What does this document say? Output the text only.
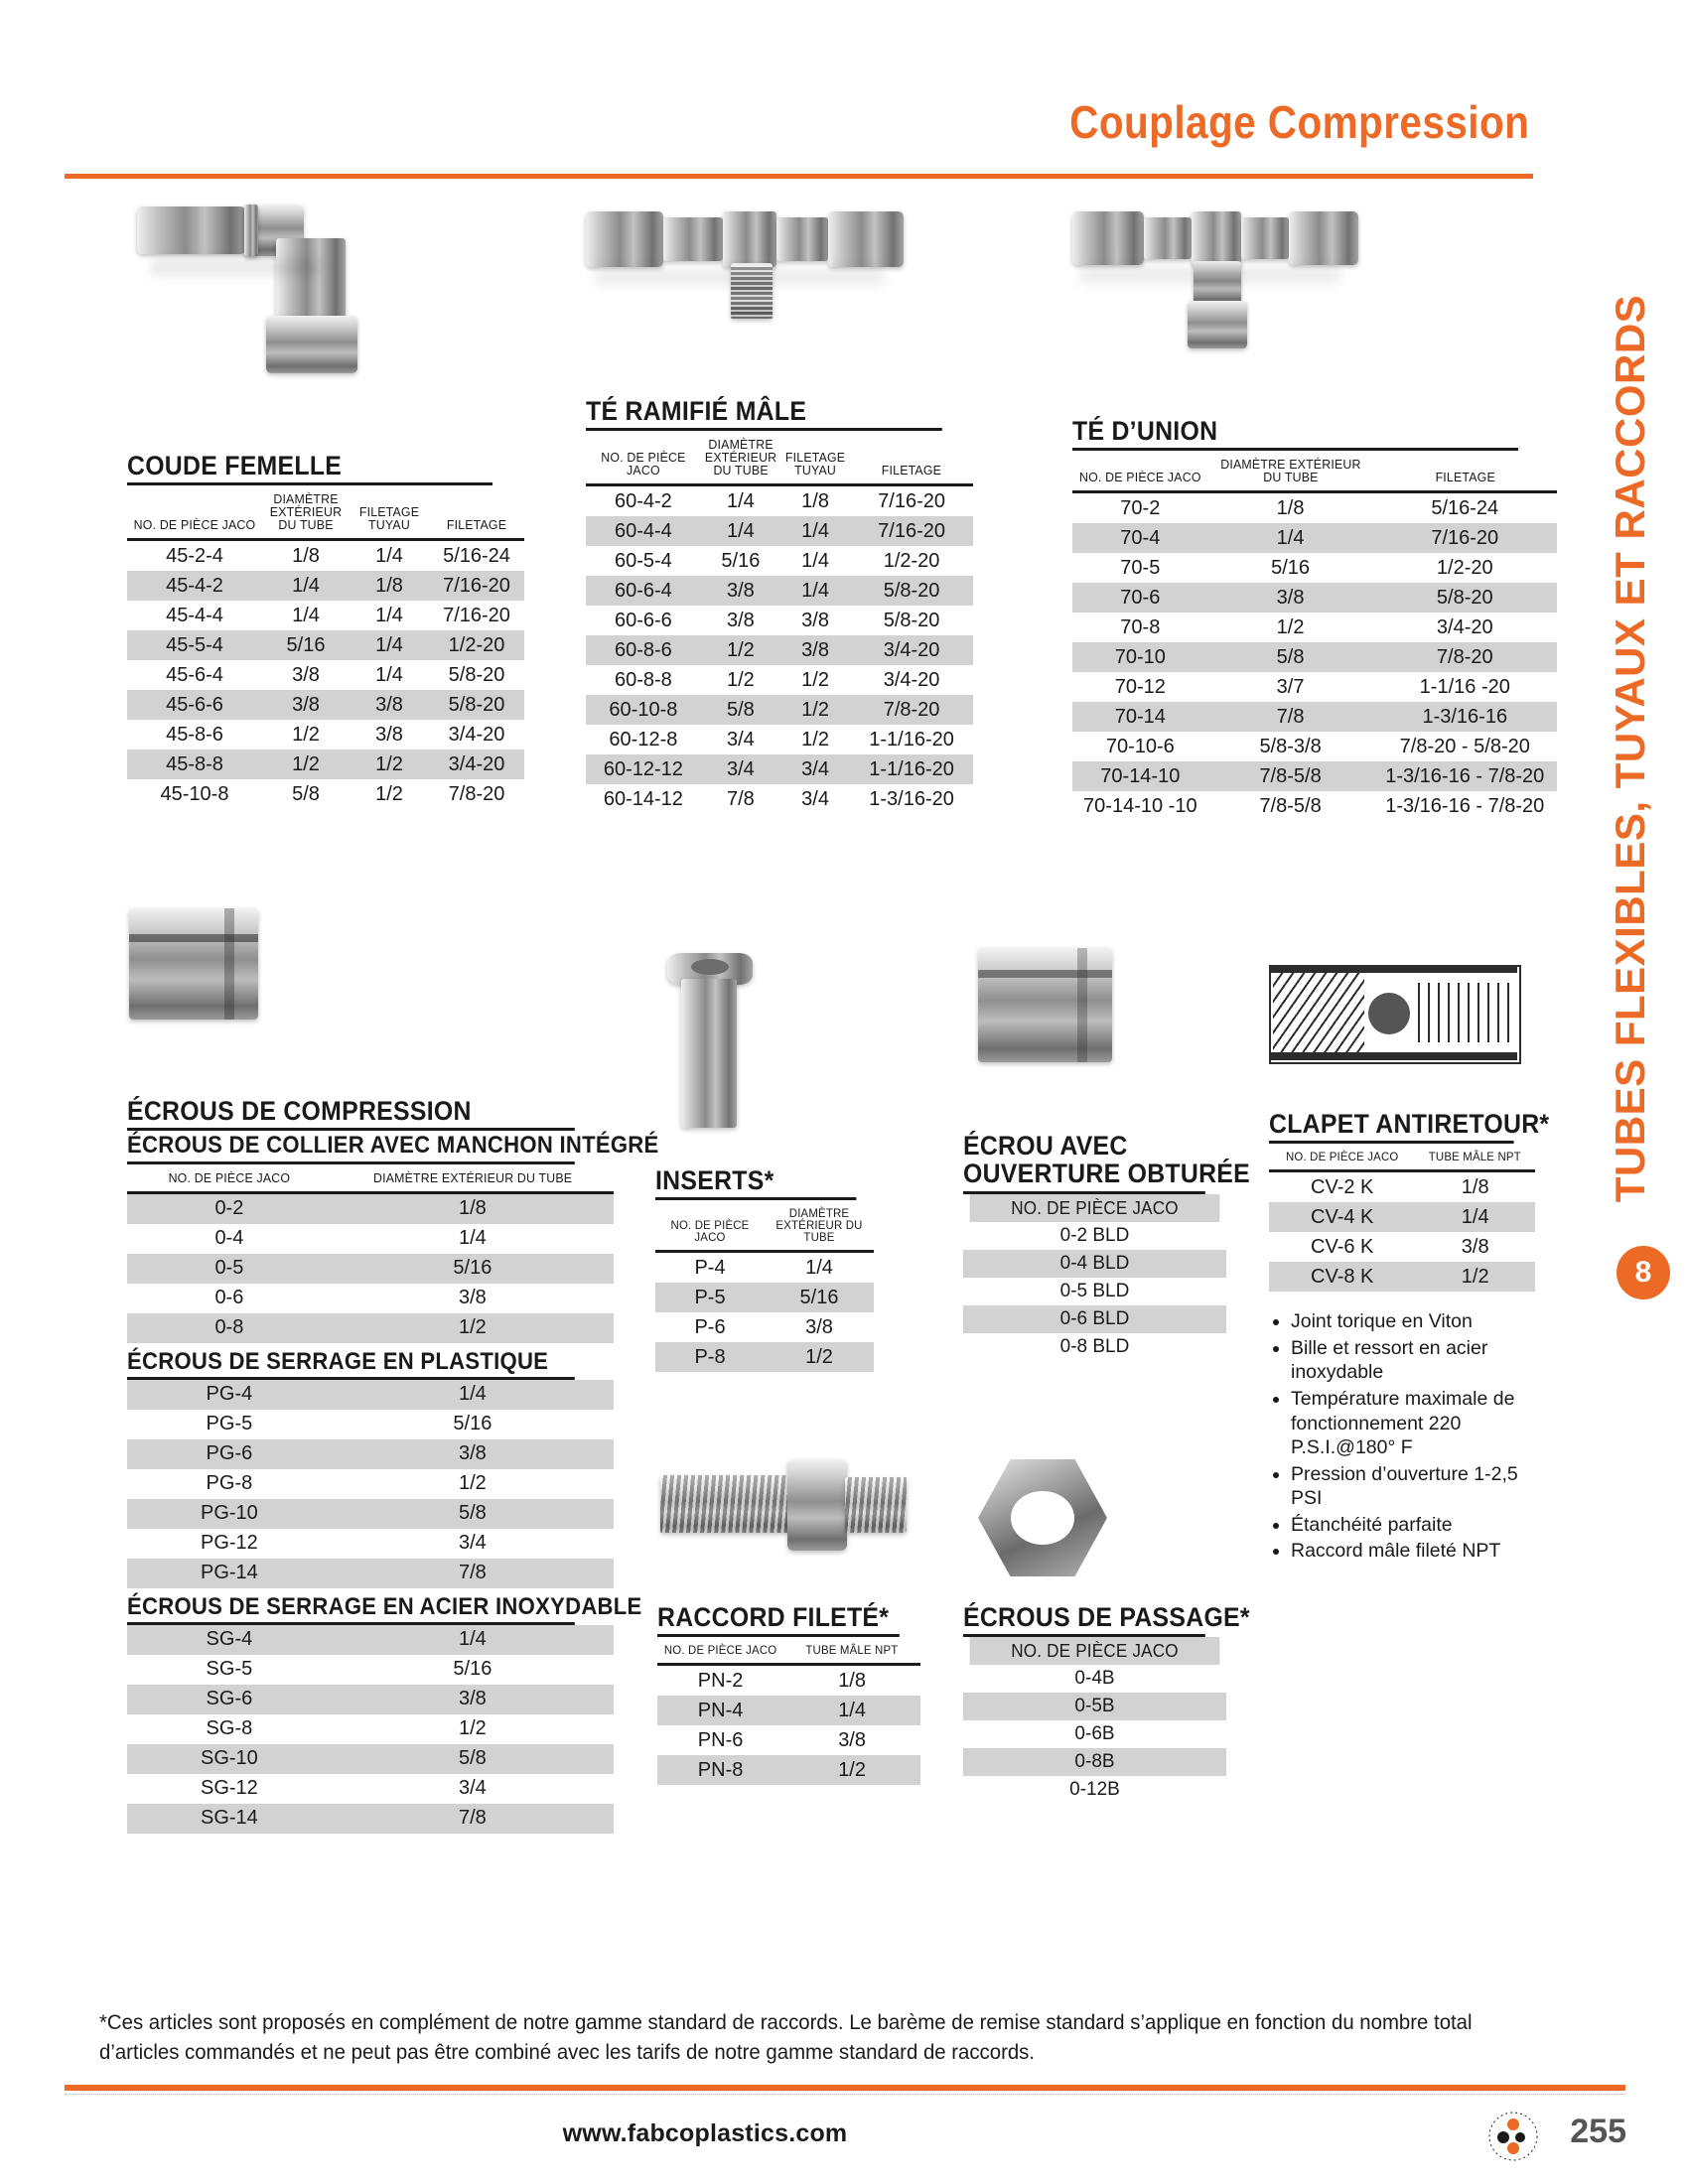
Couplage Compression
TUBES FLEXIBLES, TUYAUX ET RACCORDS
8
COUDE FEMELLE
NO. DE PIÈCE JACO	DIAMÈTRE EXTÉRIEUR DU TUBE	FILETAGE TUYAU	FILETAGE
45-2-4	1/8	1/4	5/16-24
45-4-2	1/4	1/8	7/16-20
45-4-4	1/4	1/4	7/16-20
45-5-4	5/16	1/4	1/2-20
45-6-4	3/8	1/4	5/8-20
45-6-6	3/8	3/8	5/8-20
45-8-6	1/2	3/8	3/4-20
45-8-8	1/2	1/2	3/4-20
45-10-8	5/8	1/2	7/8-20
TÉ RAMIFIÉ MÂLE
NO. DE PIÈCE JACO	DIAMÈTRE EXTÉRIEUR DU TUBE	FILETAGE TUYAU	FILETAGE
60-4-2	1/4	1/8	7/16-20
60-4-4	1/4	1/4	7/16-20
60-5-4	5/16	1/4	1/2-20
60-6-4	3/8	1/4	5/8-20
60-6-6	3/8	3/8	5/8-20
60-8-6	1/2	3/8	3/4-20
60-8-8	1/2	1/2	3/4-20
60-10-8	5/8	1/2	7/8-20
60-12-8	3/4	1/2	1-1/16-20
60-12-12	3/4	3/4	1-1/16-20
60-14-12	7/8	3/4	1-3/16-20
TÉ D’UNION
NO. DE PIÈCE JACO	DIAMÈTRE EXTÉRIEUR DU TUBE	FILETAGE
70-2	1/8	5/16-24
70-4	1/4	7/16-20
70-5	5/16	1/2-20
70-6	3/8	5/8-20
70-8	1/2	3/4-20
70-10	5/8	7/8-20
70-12	3/7	1-1/16 -20
70-14	7/8	1-3/16-16
70-10-6	5/8-3/8	7/8-20 - 5/8-20
70-14-10	7/8-5/8	1-3/16-16 - 7/8-20
70-14-10 -10	7/8-5/8	1-3/16-16 - 7/8-20
ÉCROUS DE COMPRESSION
ÉCROUS DE COLLIER AVEC MANCHON INTÉGRÉ
NO. DE PIÈCE JACO	DIAMÈTRE EXTÉRIEUR DU TUBE
0-2	1/8
0-4	1/4
0-5	5/16
0-6	3/8
0-8	1/2
ÉCROUS DE SERRAGE EN PLASTIQUE
PG-4	1/4
PG-5	5/16
PG-6	3/8
PG-8	1/2
PG-10	5/8
PG-12	3/4
PG-14	7/8
ÉCROUS DE SERRAGE EN ACIER INOXYDABLE
SG-4	1/4
SG-5	5/16
SG-6	3/8
SG-8	1/2
SG-10	5/8
SG-12	3/4
SG-14	7/8
INSERTS*
NO. DE PIÈCE JACO	DIAMÈTRE EXTÉRIEUR DU TUBE
P-4	1/4
P-5	5/16
P-6	3/8
P-8	1/2
RACCORD FILETÉ*
NO. DE PIÈCE JACO	TUBE MÂLE NPT
PN-2	1/8
PN-4	1/4
PN-6	3/8
PN-8	1/2
ÉCROU AVEC
OUVERTURE OBTURÉE
NO. DE PIÈCE JACO
0-2 BLD
0-4 BLD
0-5 BLD
0-6 BLD
0-8 BLD
ÉCROUS DE PASSAGE*
NO. DE PIÈCE JACO
0-4B
0-5B
0-6B
0-8B
0-12B
CLAPET ANTIRETOUR*
NO. DE PIÈCE JACO	TUBE MÂLE NPT
CV-2 K	1/8
CV-4 K	1/4
CV-6 K	3/8
CV-8 K	1/2
• Joint torique en Viton
• Bille et ressort en acier inoxydable
• Température maximale de fonctionnement 220 P.S.I.@180° F
• Pression d’ouverture 1-2,5 PSI
• Étanchéité parfaite
• Raccord mâle fileté NPT
*Ces articles sont proposés en complément de notre gamme standard de raccords. Le barème de remise standard s’applique en fonction du nombre total d’articles commandés et ne peut pas être combiné avec les tarifs de notre gamme standard de raccords.
www.fabcoplastics.com	255
